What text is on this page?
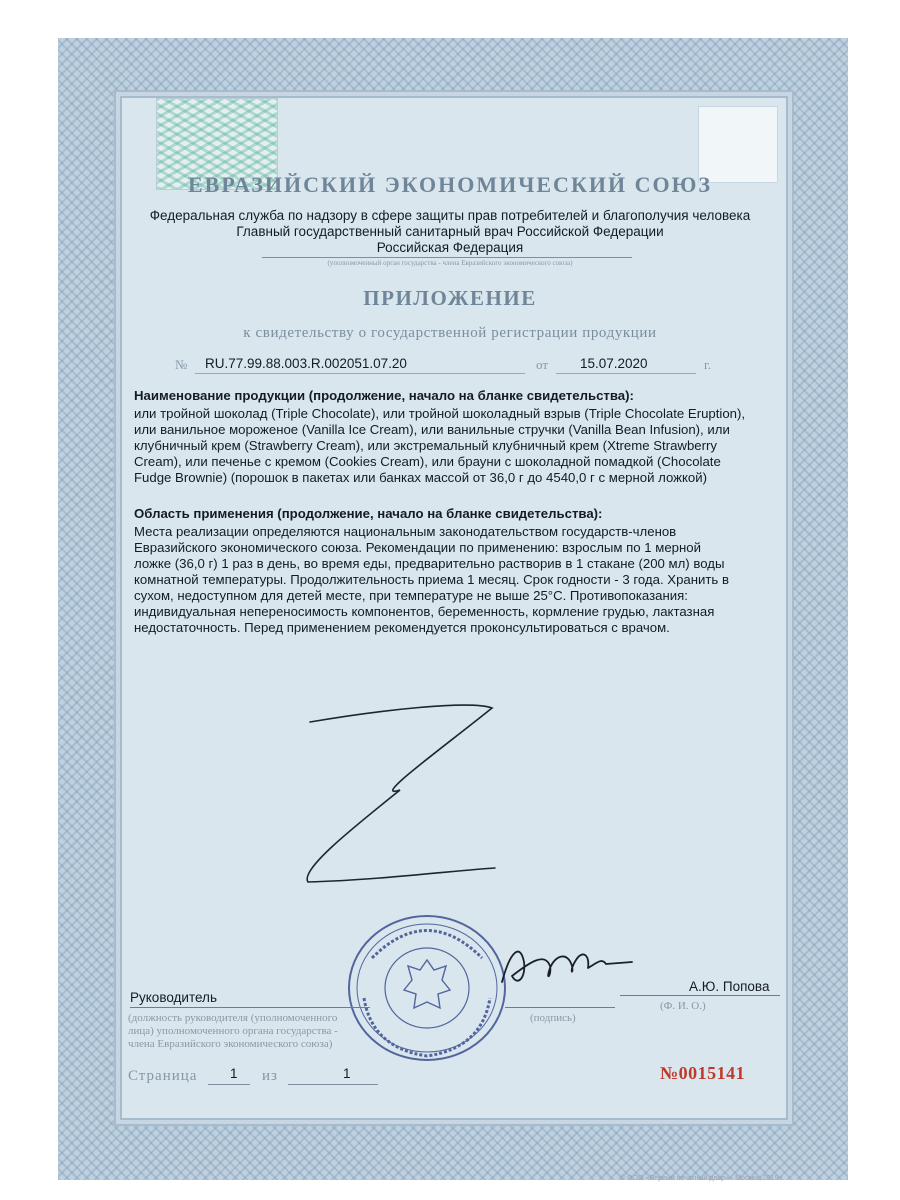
ЕВРАЗИЙСКИЙ ЭКОНОМИЧЕСКИЙ СОЮЗ
Федеральная служба по надзору в сфере защиты прав потребителей и благополучия человека
Главный государственный санитарный врач Российской Федерации
Российская Федерация
(уполномоченный орган государства - члена Евразийского экономического союза)
ПРИЛОЖЕНИЕ
к свидетельству о государственной регистрации продукции
№ RU.77.99.88.003.R.002051.07.20	от 15.07.2020	г.
Наименование продукции (продолжение, начало на бланке свидетельства):
или тройной шоколад (Triple Chocolate), или тройной шоколадный взрыв (Triple Chocolate Eruption),
или ванильное мороженое (Vanilla Ice Cream), или ванильные стручки (Vanilla Bean Infusion), или
клубничный крем (Strawberry Cream), или экстремальный клубничный крем (Xtreme Strawberry
Cream), или печенье с кремом (Cookies Cream), или брауни с шоколадной помадкой (Chocolate
Fudge Brownie) (порошок в пакетах или банках массой от 36,0 г до 4540,0 г с мерной ложкой)
Область применения (продолжение, начало на бланке свидетельства):
Места реализации определяются национальным законодательством государств-членов
Евразийского экономического союза. Рекомендации по применению: взрослым по 1 мерной
ложке (36,0 г) 1 раз в день, во время еды, предварительно растворив в 1 стакане (200 мл) воды
комнатной температуры. Продолжительность приема 1 месяц. Срок годности - 3 года. Хранить в
сухом, недоступном для детей месте, при температуре не выше 25°C. Противопоказания:
индивидуальная непереносимость компонентов, беременность, кормление грудью, лактазная
недостаточность. Перед применением рекомендуется проконсультироваться с врачом.
Руководитель
А.Ю. Попова
(должность руководителя (уполномоченного
лица) уполномоченного органа государства -
члена Евразийского экономического союза)
(подпись)
(Ф. И. О.)
Страница 1 из	1	№0015141
© ООО «Первый печатный двор» · Москва, 2019 г.
